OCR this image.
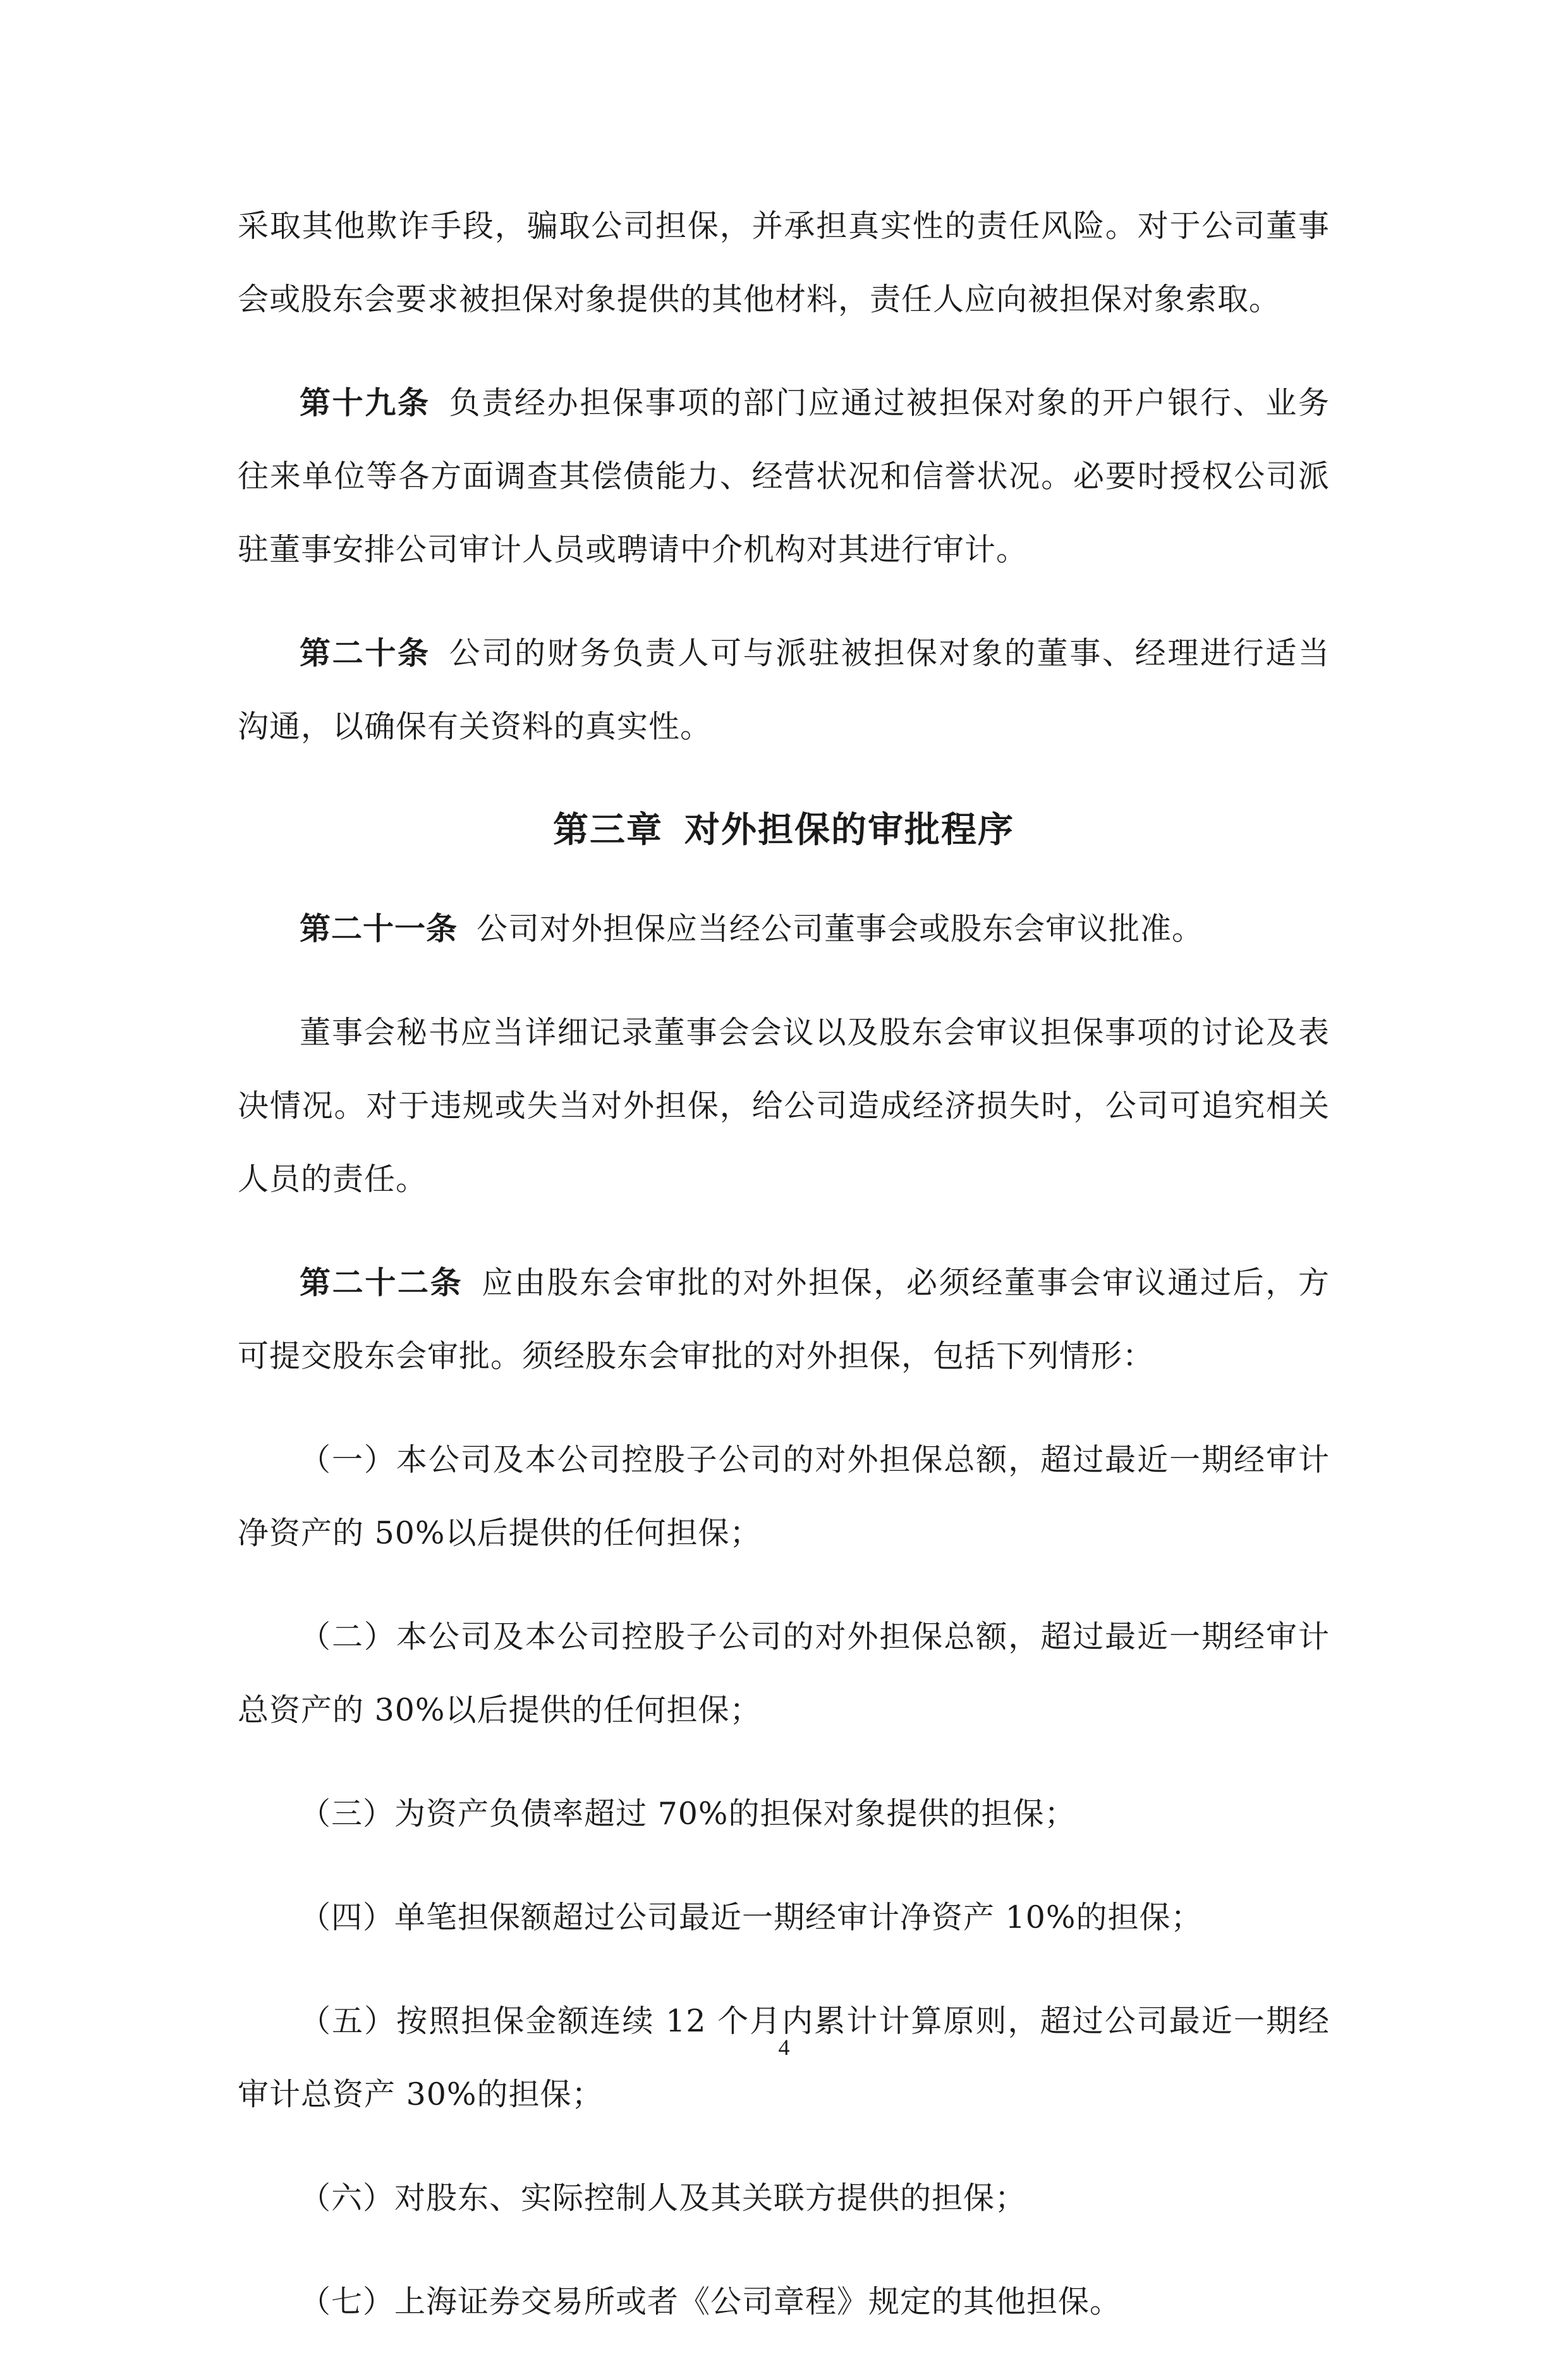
采取其他欺诈手段，骗取公司担保，并承担真实性的责任风险。对于公司董事会或股东会要求被担保对象提供的其他材料，责任人应向被担保对象索取。

第十九条 负责经办担保事项的部门应通过被担保对象的开户银行、业务往来单位等各方面调查其偿债能力、经营状况和信誉状况。必要时授权公司派驻董事安排公司审计人员或聘请中介机构对其进行审计。

第二十条 公司的财务负责人可与派驻被担保对象的董事、经理进行适当沟通，以确保有关资料的真实性。

第三章 对外担保的审批程序

第二十一条 公司对外担保应当经公司董事会或股东会审议批准。

董事会秘书应当详细记录董事会会议以及股东会审议担保事项的讨论及表决情况。对于违规或失当对外担保，给公司造成经济损失时，公司可追究相关人员的责任。

第二十二条 应由股东会审批的对外担保，必须经董事会审议通过后，方可提交股东会审批。须经股东会审批的对外担保，包括下列情形：

（一）本公司及本公司控股子公司的对外担保总额，超过最近一期经审计净资产的 50%以后提供的任何担保；

（二）本公司及本公司控股子公司的对外担保总额，超过最近一期经审计总资产的 30%以后提供的任何担保；

（三）为资产负债率超过 70%的担保对象提供的担保；

（四）单笔担保额超过公司最近一期经审计净资产 10%的担保；

（五）按照担保金额连续 12 个月内累计计算原则，超过公司最近一期经审计总资产 30%的担保；

（六）对股东、实际控制人及其关联方提供的担保；

（七）上海证券交易所或者《公司章程》规定的其他担保。

4
